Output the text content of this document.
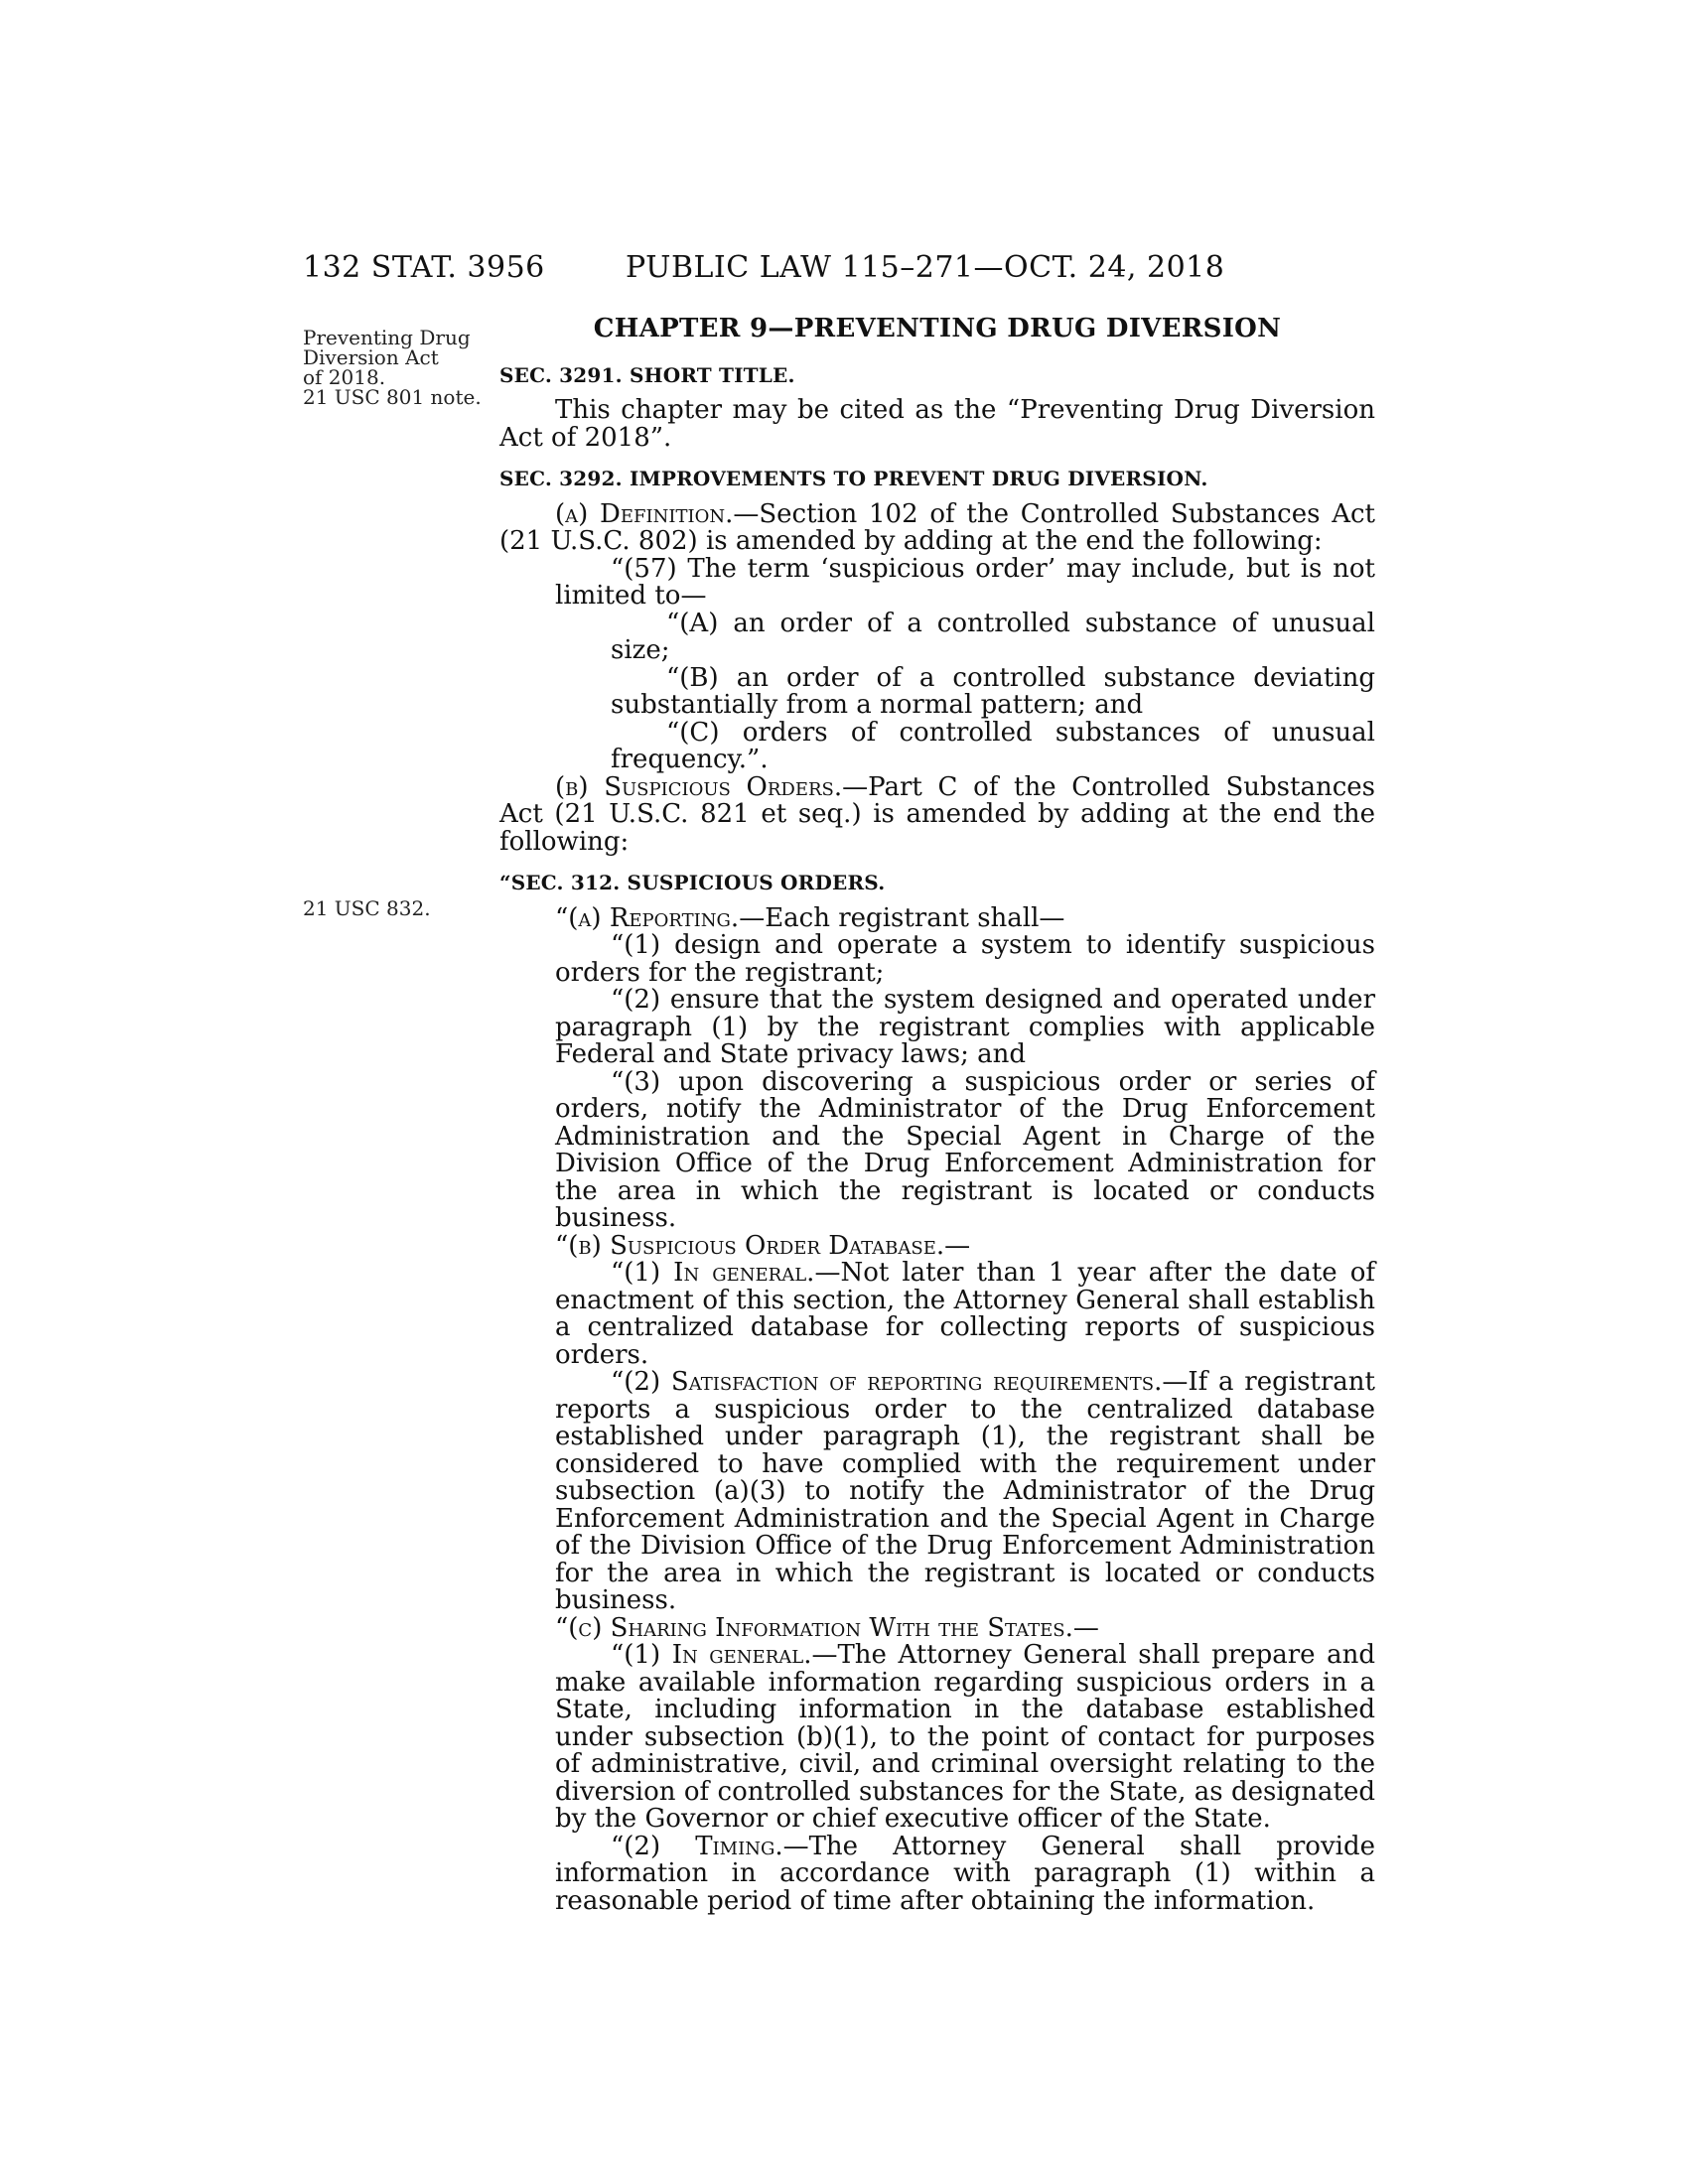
132 STAT. 3956	PUBLIC LAW 115–271—OCT. 24, 2018
Preventing Drug
Diversion Act
of 2018.
21 USC 801 note.
21 USC 832.
CHAPTER 9—PREVENTING DRUG DIVERSION
SEC. 3291. SHORT TITLE.

This chapter may be cited as the “Preventing Drug Diversion Act of 2018”.

SEC. 3292. IMPROVEMENTS TO PREVENT DRUG DIVERSION.

(a) Definition.—Section 102 of the Controlled Substances Act (21 U.S.C. 802) is amended by adding at the end the following:

“(57) The term ‘suspicious order’ may include, but is not limited to—

“(A) an order of a controlled substance of unusual size;

“(B) an order of a controlled substance deviating substantially from a normal pattern; and

“(C) orders of controlled substances of unusual frequency.”.

(b) Suspicious Orders.—Part C of the Controlled Substances Act (21 U.S.C. 821 et seq.) is amended by adding at the end the following:

“SEC. 312. SUSPICIOUS ORDERS.

“(a) Reporting.—Each registrant shall—

“(1) design and operate a system to identify suspicious orders for the registrant;

“(2) ensure that the system designed and operated under paragraph (1) by the registrant complies with applicable Federal and State privacy laws; and

“(3) upon discovering a suspicious order or series of orders, notify the Administrator of the Drug Enforcement Administration and the Special Agent in Charge of the Division Office of the Drug Enforcement Administration for the area in which the registrant is located or conducts business.

“(b) Suspicious Order Database.—

“(1) In general.—Not later than 1 year after the date of enactment of this section, the Attorney General shall establish a centralized database for collecting reports of suspicious orders.

“(2) Satisfaction of reporting requirements.—If a registrant reports a suspicious order to the centralized database established under paragraph (1), the registrant shall be considered to have complied with the requirement under subsection (a)(3) to notify the Administrator of the Drug Enforcement Administration and the Special Agent in Charge of the Division Office of the Drug Enforcement Administration for the area in which the registrant is located or conducts business.

“(c) Sharing Information With the States.—

“(1) In general.—The Attorney General shall prepare and make available information regarding suspicious orders in a State, including information in the database established under subsection (b)(1), to the point of contact for purposes of administrative, civil, and criminal oversight relating to the diversion of controlled substances for the State, as designated by the Governor or chief executive officer of the State.

“(2) Timing.—The Attorney General shall provide information in accordance with paragraph (1) within a reasonable period of time after obtaining the information.
